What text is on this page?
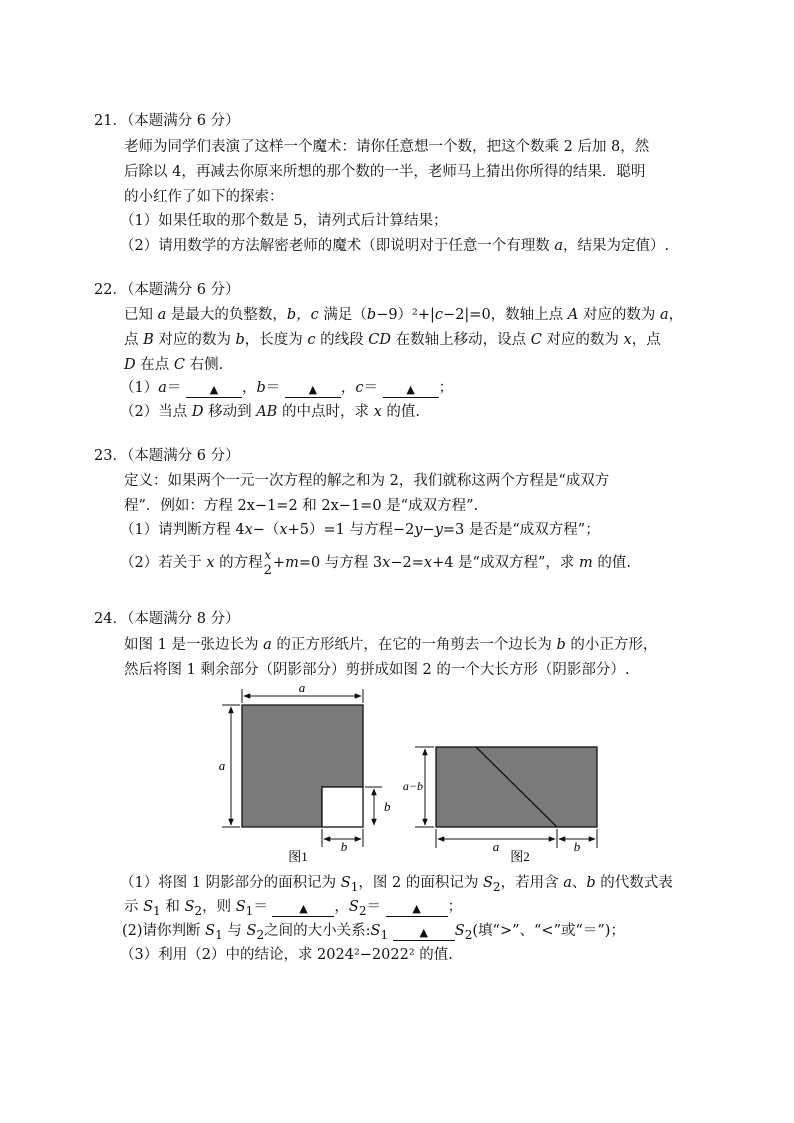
21．（本题满分 6 分）
老师为同学们表演了这样一个魔术：请你任意想一个数，把这个数乘 2 后加 8，然
后除以 4，再减去你原来所想的那个数的一半，老师马上猜出你所得的结果．聪明
的小红作了如下的探索：
（1）如果任取的那个数是 5，请列式后计算结果；
（2）请用数学的方法解密老师的魔术（即说明对于任意一个有理数 a，结果为定值）.
22．（本题满分 6 分）
已知 a 是最大的负整数，b，c 满足（b−9）²+|c−2|=0，数轴上点 A 对应的数为 a，
点 B 对应的数为 b，长度为 c 的线段 CD 在数轴上移动，设点 C 对应的数为 x，点
D 在点 C 右侧.
（1）a＝ ▲ ，b＝ ▲ ，c＝ ▲ ；
（2）当点 D 移动到 AB 的中点时，求 x 的值.
23．（本题满分 6 分）
定义：如果两个一元一次方程的解之和为 2，我们就称这两个方程是“成双方
程”．例如：方程 2x−1=2 和 2x−1=0 是“成双方程”.
（1）请判断方程 4x−（x+5）=1 与方程−2y−y=3 是否是“成双方程”；
（2）若关于 x 的方程 x
2 +m=0 与方程 3x−2=x+4 是“成双方程”，求 m 的值.
24．（本题满分 8 分）
如图 1 是一张边长为 a 的正方形纸片，在它的一角剪去一个边长为 b 的小正方形，
然后将图 1 剩余部分（阴影部分）剪拼成如图 2 的一个大长方形（阴影部分）.
a
a
b
b
图1
a−b
a	b
图2
（1）将图 1 阴影部分的面积记为 $S_1$，图 2 的面积记为 $S_2$，若用含 a、b 的代数式表
示 $S_1$ 和 $S_2$，则 $S_1=$ ▲ ，$S_2=$ ▲ ；
(2)请你判断 $S_1$ 与 $S_2$之间的大小关系$:S_1$	▲ $S_2$(填“>”、“<”或“＝”)；
（3）利用（2）中的结论，求 2024²−2022² 的值.
